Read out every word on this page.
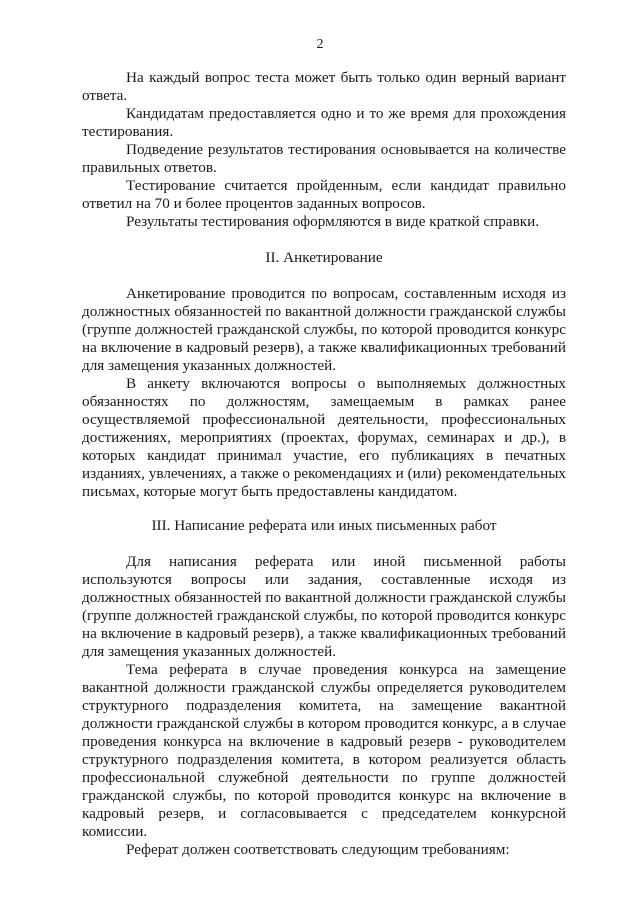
2

На каждый вопрос теста может быть только один верный вариант ответа.

Кандидатам предоставляется одно и то же время для прохождения тестирования.

Подведение результатов тестирования основывается на количестве правильных ответов.

Тестирование считается пройденным, если кандидат правильно ответил на 70 и более процентов заданных вопросов.

Результаты тестирования оформляются в виде краткой справки.

II. Анкетирование

Анкетирование проводится по вопросам, составленным исходя из должностных обязанностей по вакантной должности гражданской службы (группе должностей гражданской службы, по которой проводится конкурс на включение в кадровый резерв), а также квалификационных требований для замещения указанных должностей.

В анкету включаются вопросы о выполняемых должностных обязанностях по должностям, замещаемым в рамках ранее осуществляемой профессиональной деятельности, профессиональных достижениях, мероприятиях (проектах, форумах, семинарах и др.), в которых кандидат принимал участие, его публикациях в печатных изданиях, увлечениях, а также о рекомендациях и (или) рекомендательных письмах, которые могут быть предоставлены кандидатом.

III. Написание реферата или иных письменных работ

Для написания реферата или иной письменной работы используются вопросы или задания, составленные исходя из должностных обязанностей по вакантной должности гражданской службы (группе должностей гражданской службы, по которой проводится конкурс на включение в кадровый резерв), а также квалификационных требований для замещения указанных должностей.

Тема реферата в случае проведения конкурса на замещение вакантной должности гражданской службы определяется руководителем структурного подразделения комитета, на замещение вакантной должности гражданской службы в котором проводится конкурс, а в случае проведения конкурса на включение в кадровый резерв - руководителем структурного подразделения комитета, в котором реализуется область профессиональной служебной деятельности по группе должностей гражданской службы, по которой проводится конкурс на включение в кадровый резерв, и согласовывается с председателем конкурсной комиссии.

Реферат должен соответствовать следующим требованиям:
